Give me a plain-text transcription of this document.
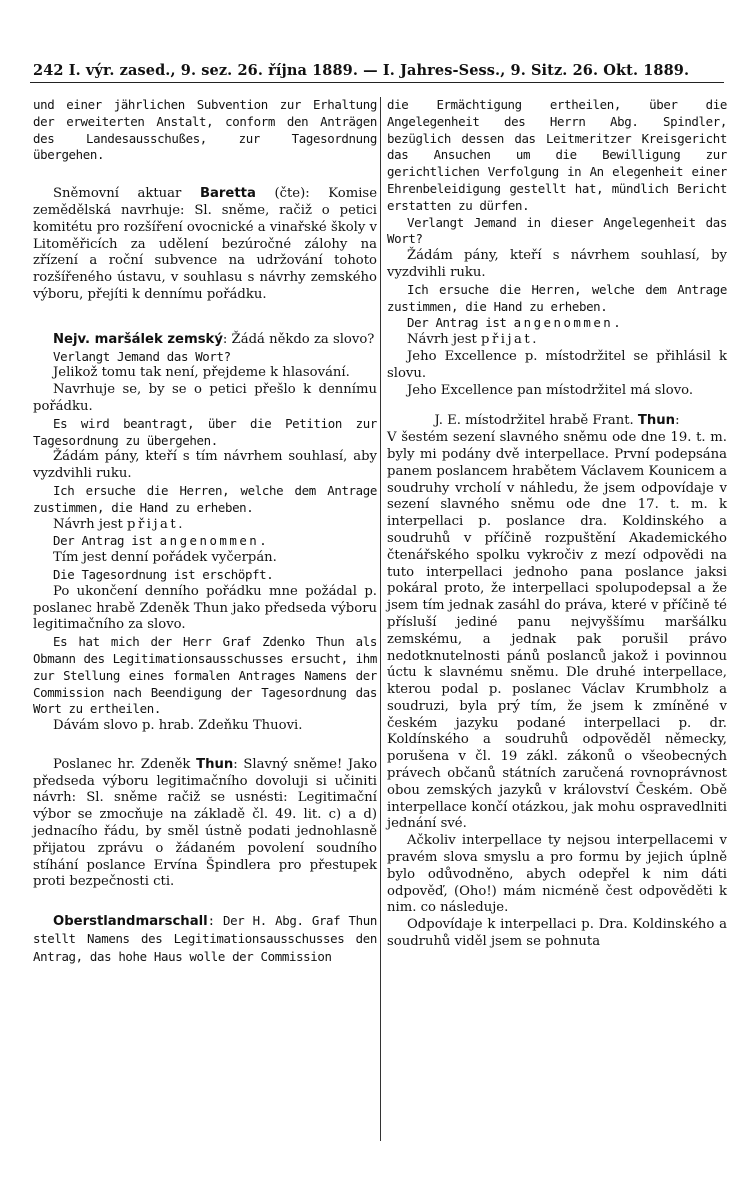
242 I. výr. zased., 9. sez. 26. října 1889. — I. Jahres-Sess., 9. Sitz. 26. Okt. 1889.

und einer jährlichen Subvention zur Erhaltung der erweiterten Anstalt, conform den Anträgen des Landesausschußes, zur Tagesordnung übergehen.

Sněmovní aktuar Baretta (čte): Komise zemědělská navrhuje: Sl. sněme, račiž o petici komitétu pro rozšíření ovocnické a vinařské školy v Litoměřicích za udělení bezúročné zálohy na zřízení a roční subvence na udržování tohoto rozšířeného ústavu, v souhlasu s návrhy zemského výboru, přejíti k dennímu pořádku.

Nejv. maršálek zemský: Žádá někdo za slovo?

Verlangt Jemand das Wort?

Jelikož tomu tak není, přejdeme k hlasování.

Navrhuje se, by se o petici přešlo k dennímu pořádku.

Es wird beantragt, über die Petition zur Tagesordnung zu übergehen.

Žádám pány, kteří s tím návrhem souhlasí, aby vyzdvihli ruku.

Ich ersuche die Herren, welche dem Antrage zustimmen, die Hand zu erheben.

Návrh jest přijat.

Der Antrag ist angenommen.

Tím jest denní pořádek vyčerpán.

Die Tagesordnung ist erschöpft.

Po ukončení denního pořádku mne požádal p. poslanec hrabě Zdeněk Thun jako předseda výboru legitimačního za slovo.

Es hat mich der Herr Graf Zdenko Thun als Obmann des Legitimationsausschusses ersucht, ihm zur Stellung eines formalen Antrages Namens der Commission nach Beendigung der Tagesordnung das Wort zu ertheilen.

Dávám slovo p. hrab. Zdeňku Thuovi.

Poslanec hr. Zdeněk Thun: Slavný sněme! Jako předseda výboru legitimačního dovoluji si učiniti návrh: Sl. sněme račiž se usnésti: Legitimační výbor se zmocňuje na základě čl. 49. lit. c) a d) jednacího řádu, by směl ústně podati jednohlasně přijatou zprávu o žádaném povolení soudního stíhání poslance Ervína Špindlera pro přestupek proti bezpečnosti cti.

Oberstlandmarschall: Der H. Abg. Graf Thun stellt Namens des Legitimationsausschusses den Antrag, das hohe Haus wolle der Commission

die Ermächtigung ertheilen, über die Angelegenheit des Herrn Abg. Spindler, bezüglich dessen das Leitmeritzer Kreisgericht das Ansuchen um die Bewilligung zur gerichtlichen Verfolgung in An elegenheit einer Ehrenbeleidigung gestellt hat, mündlich Bericht erstatten zu dürfen.

Verlangt Jemand in dieser Angelegenheit das Wort?

Žádám pány, kteří s návrhem souhlasí, by vyzdvihli ruku.

Ich ersuche die Herren, welche dem Antrage zustimmen, die Hand zu erheben.

Der Antrag ist angenommen.

Návrh jest přijat.

Jeho Excellence p. místodržitel se přihlásil k slovu.

Jeho Excellence pan místodržitel má slovo.

J. E. místodržitel hrabě Frant. Thun:

V šestém sezení slavného sněmu ode dne 19. t. m. byly mi podány dvě interpellace. První podepsána panem poslancem hrabětem Václavem Kounicem a soudruhy vrcholí v náhledu, že jsem odpovídaje v sezení slavného sněmu ode dne 17. t. m. k interpellaci p. poslance dra. Koldinského a soudruhů v příčině rozpuštění Akademického čtenářského spolku vykročiv z mezí odpovědi na tuto interpellaci jednoho pana poslance jaksi pokáral proto, že interpellaci spolupodepsal a že jsem tím jednak zasáhl do práva, které v příčině té přísluší jediné panu nejvyššímu maršálku zemskému, a jednak pak porušil právo nedotknutelnosti pánů poslanců jakož i povinnou úctu k slavnému sněmu. Dle druhé interpellace, kterou podal p. poslanec Václav Krumbholz a soudruzi, byla prý tím, že jsem k zmíněné v českém jazyku podané interpellaci p. dr. Koldínského a soudruhů odpověděl německy, porušena v čl. 19 zákl. zákonů o všeobecných právech občanů státních zaručená rovnoprávnost obou zemských jazyků v království Českém. Obě interpellace končí otázkou, jak mohu ospravedlniti jednání své.

Ačkoliv interpellace ty nejsou interpellacemi v pravém slova smyslu a pro formu by jejich úplně bylo odůvodněno, abych odepřel k nim dáti odpověď, (Oho!) mám nicméně čest odpověděti k nim. co následuje.

Odpovídaje k interpellaci p. Dra. Koldinského a soudruhů viděl jsem se pohnuta
